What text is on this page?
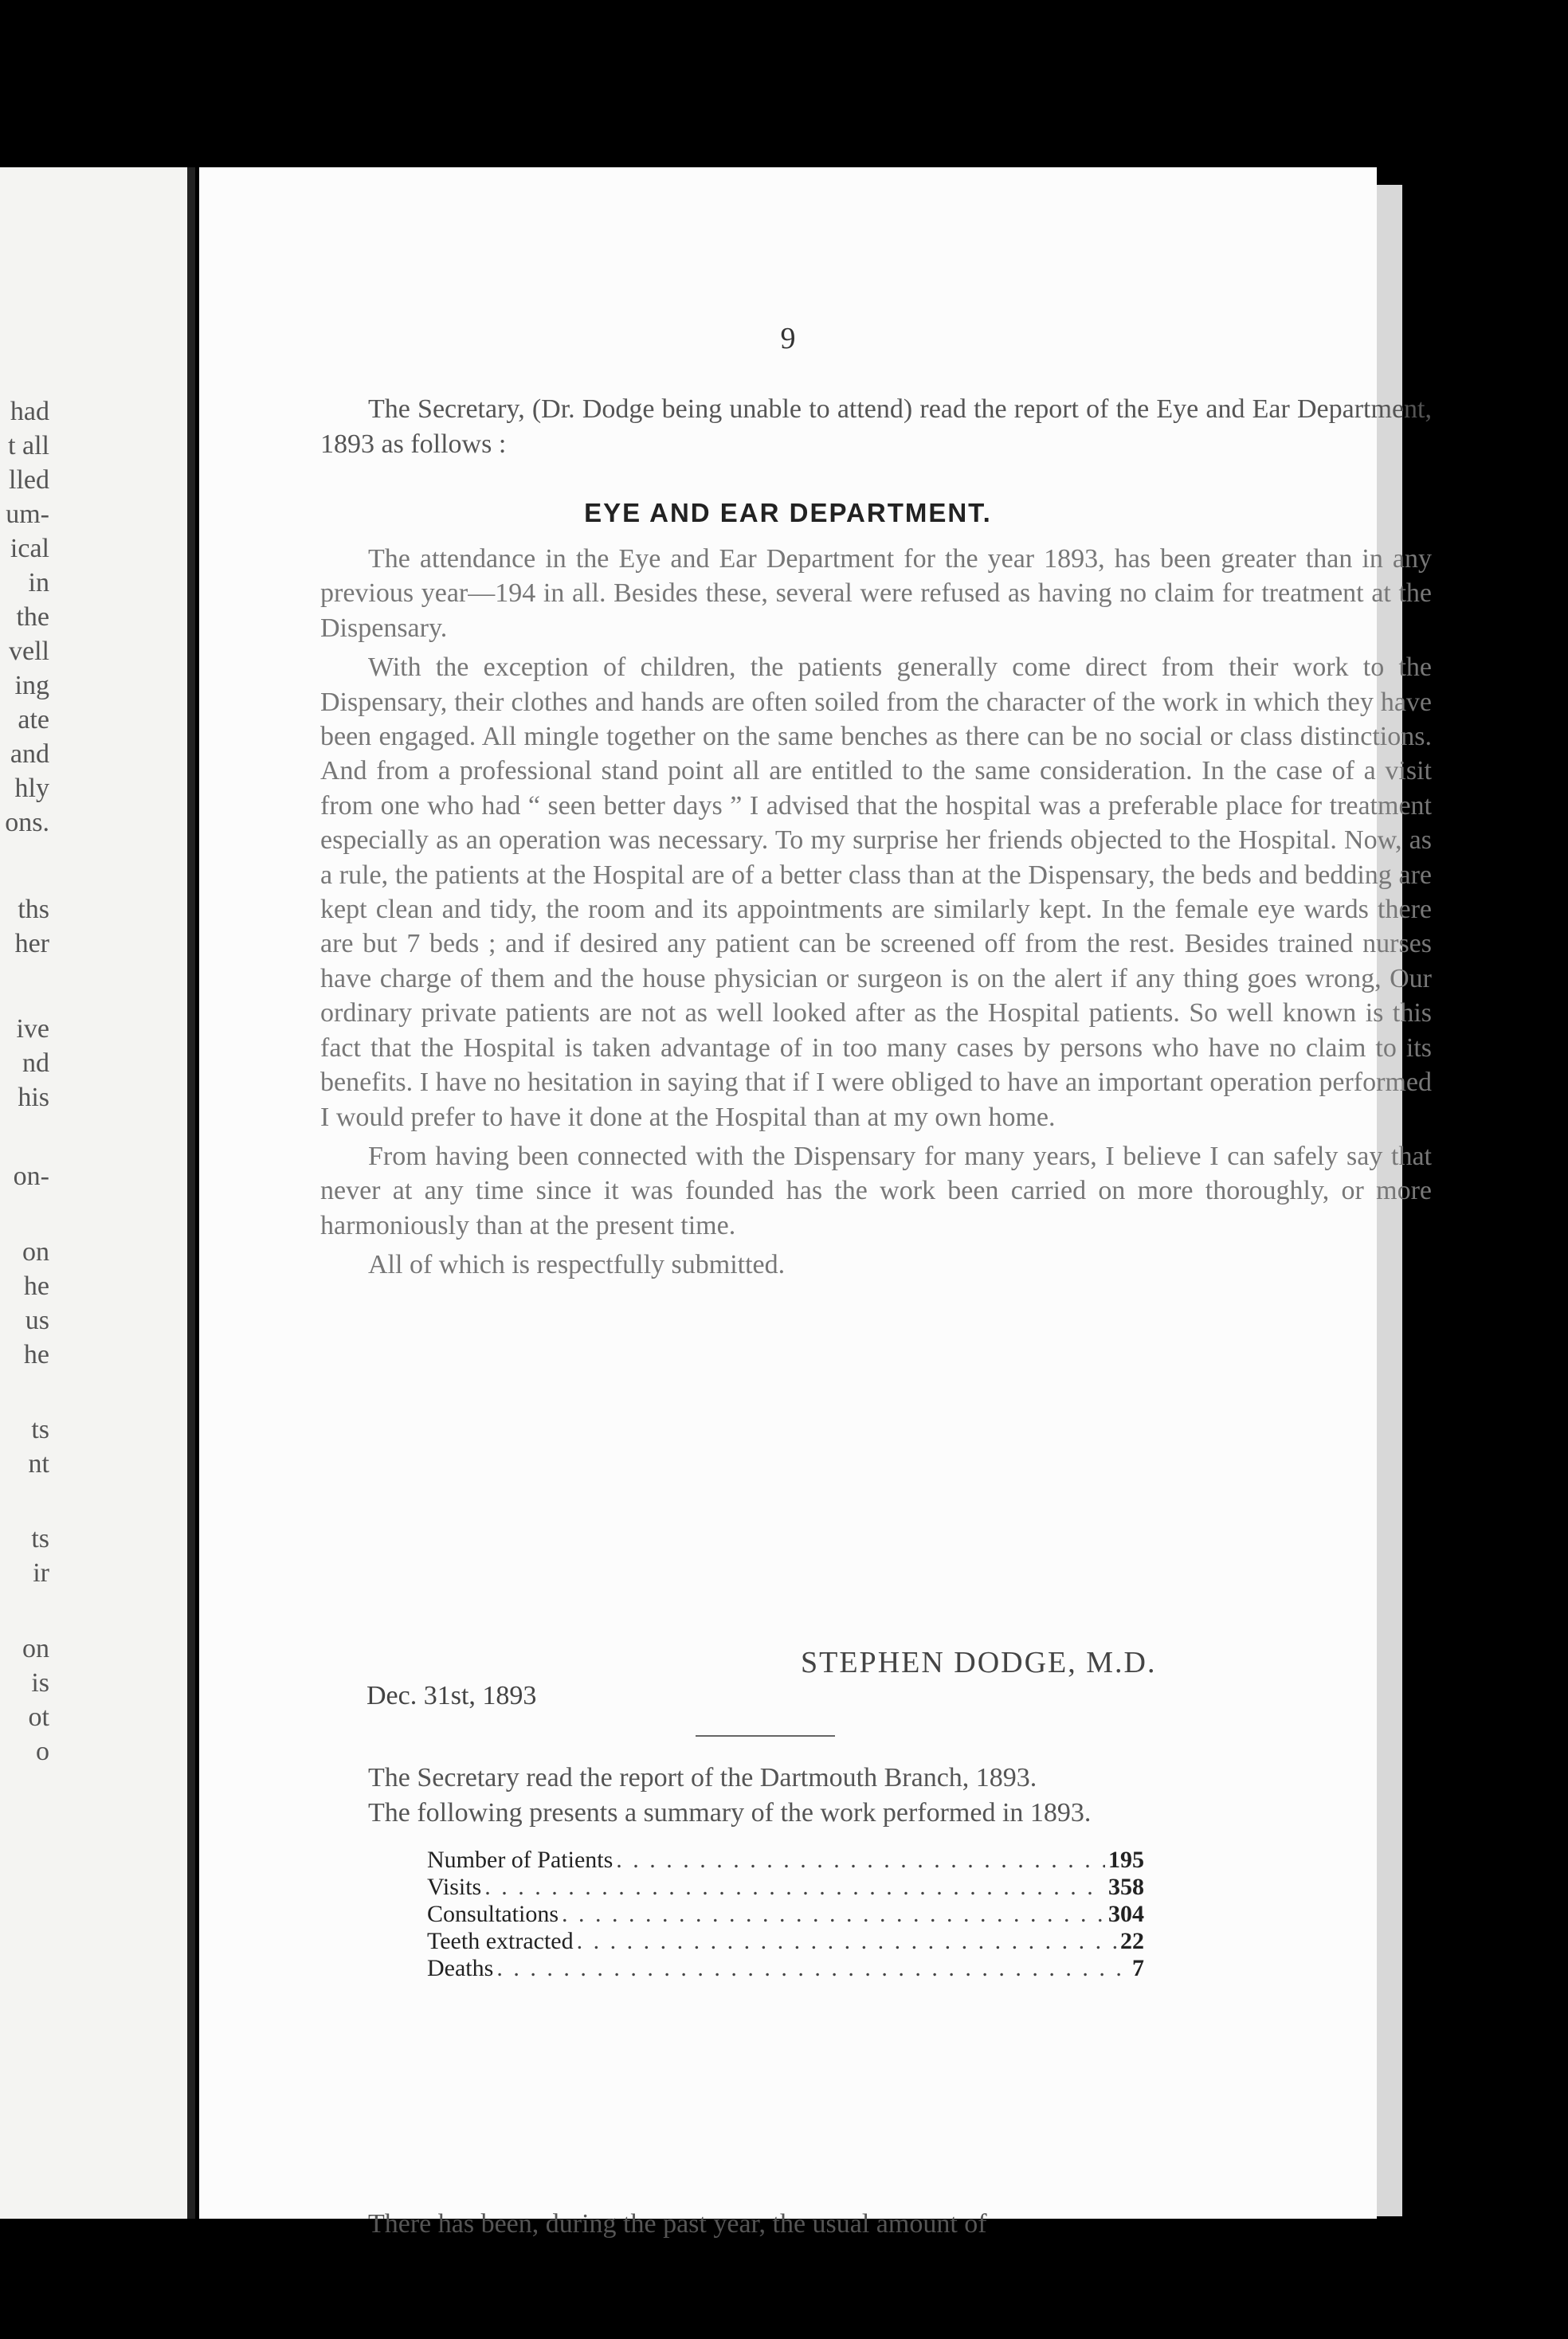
had
t all
lled
um-
ical
in
the
vell
ing
ate
and
hly
ons.
ths
her
ive
nd
his
on-
on
he
us
he
ts
nt
ts
ir
on
is
ot
o
9
The Secretary, (Dr. Dodge being unable to attend) read the report of the Eye and Ear Department, 1893 as follows :
EYE AND EAR DEPARTMENT.

The attendance in the Eye and Ear Department for the year 1893, has been greater than in any previous year—194 in all. Besides these, several were refused as having no claim for treatment at the Dispensary.

With the exception of children, the patients generally come direct from their work to the Dispensary, their clothes and hands are often soiled from the character of the work in which they have been engaged. All mingle together on the same benches as there can be no social or class distinctions. And from a professional stand point all are entitled to the same consideration. In the case of a visit from one who had “ seen better days ” I advised that the hospital was a preferable place for treatment especially as an operation was necessary. To my surprise her friends objected to the Hospital. Now, as a rule, the patients at the Hospital are of a better class than at the Dispensary, the beds and bedding are kept clean and tidy, the room and its appointments are similarly kept. In the female eye wards there are but 7 beds ; and if desired any patient can be screened off from the rest. Besides trained nurses have charge of them and the house physician or surgeon is on the alert if any thing goes wrong, Our ordinary private patients are not as well looked after as the Hospital patients. So well known is this fact that the Hospital is taken advantage of in too many cases by persons who have no claim to its benefits. I have no hesitation in saying that if I were obliged to have an important operation performed I would prefer to have it done at the Hospital than at my own home.

From having been connected with the Dispensary for many years, I believe I can safely say that never at any time since it was founded has the work been carried on more thoroughly, or more harmoniously than at the present time.

All of which is respectfully submitted.

STEPHEN DODGE, M.D.
Dec. 31st, 1893

The Secretary read the report of the Dartmouth Branch, 1893.

The following presents a summary of the work performed in 1893.

Number of Patients . . .	195
Visits . . .	358
Consultations . . .	304
Teeth extracted . . .	22
Deaths . . .	7
There has been, during the past year, the usual amount of
